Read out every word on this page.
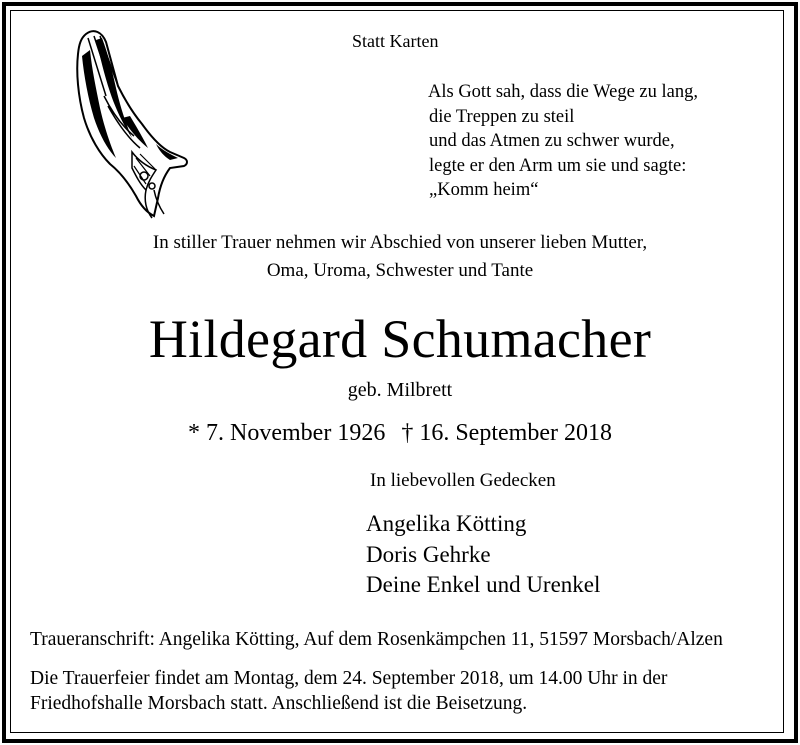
Statt Karten
Als Gott sah, dass die Wege zu lang,
die Treppen zu steil
und das Atmen zu schwer wurde,
legte er den Arm um sie und sagte:
„Komm heim“
In stiller Trauer nehmen wir Abschied von unserer lieben Mutter,
Oma, Uroma, Schwester und Tante
Hildegard Schumacher
geb. Milbrett
* 7. November 1926 † 16. September 2018
In liebevollen Gedecken
Angelika Kötting
Doris Gehrke
Deine Enkel und Urenkel
Traueranschrift: Angelika Kötting, Auf dem Rosenkämpchen 11, 51597 Morsbach/Alzen
Die Trauerfeier findet am Montag, dem 24. September 2018, um 14.00 Uhr in der
Friedhofshalle Morsbach statt. Anschließend ist die Beisetzung.
